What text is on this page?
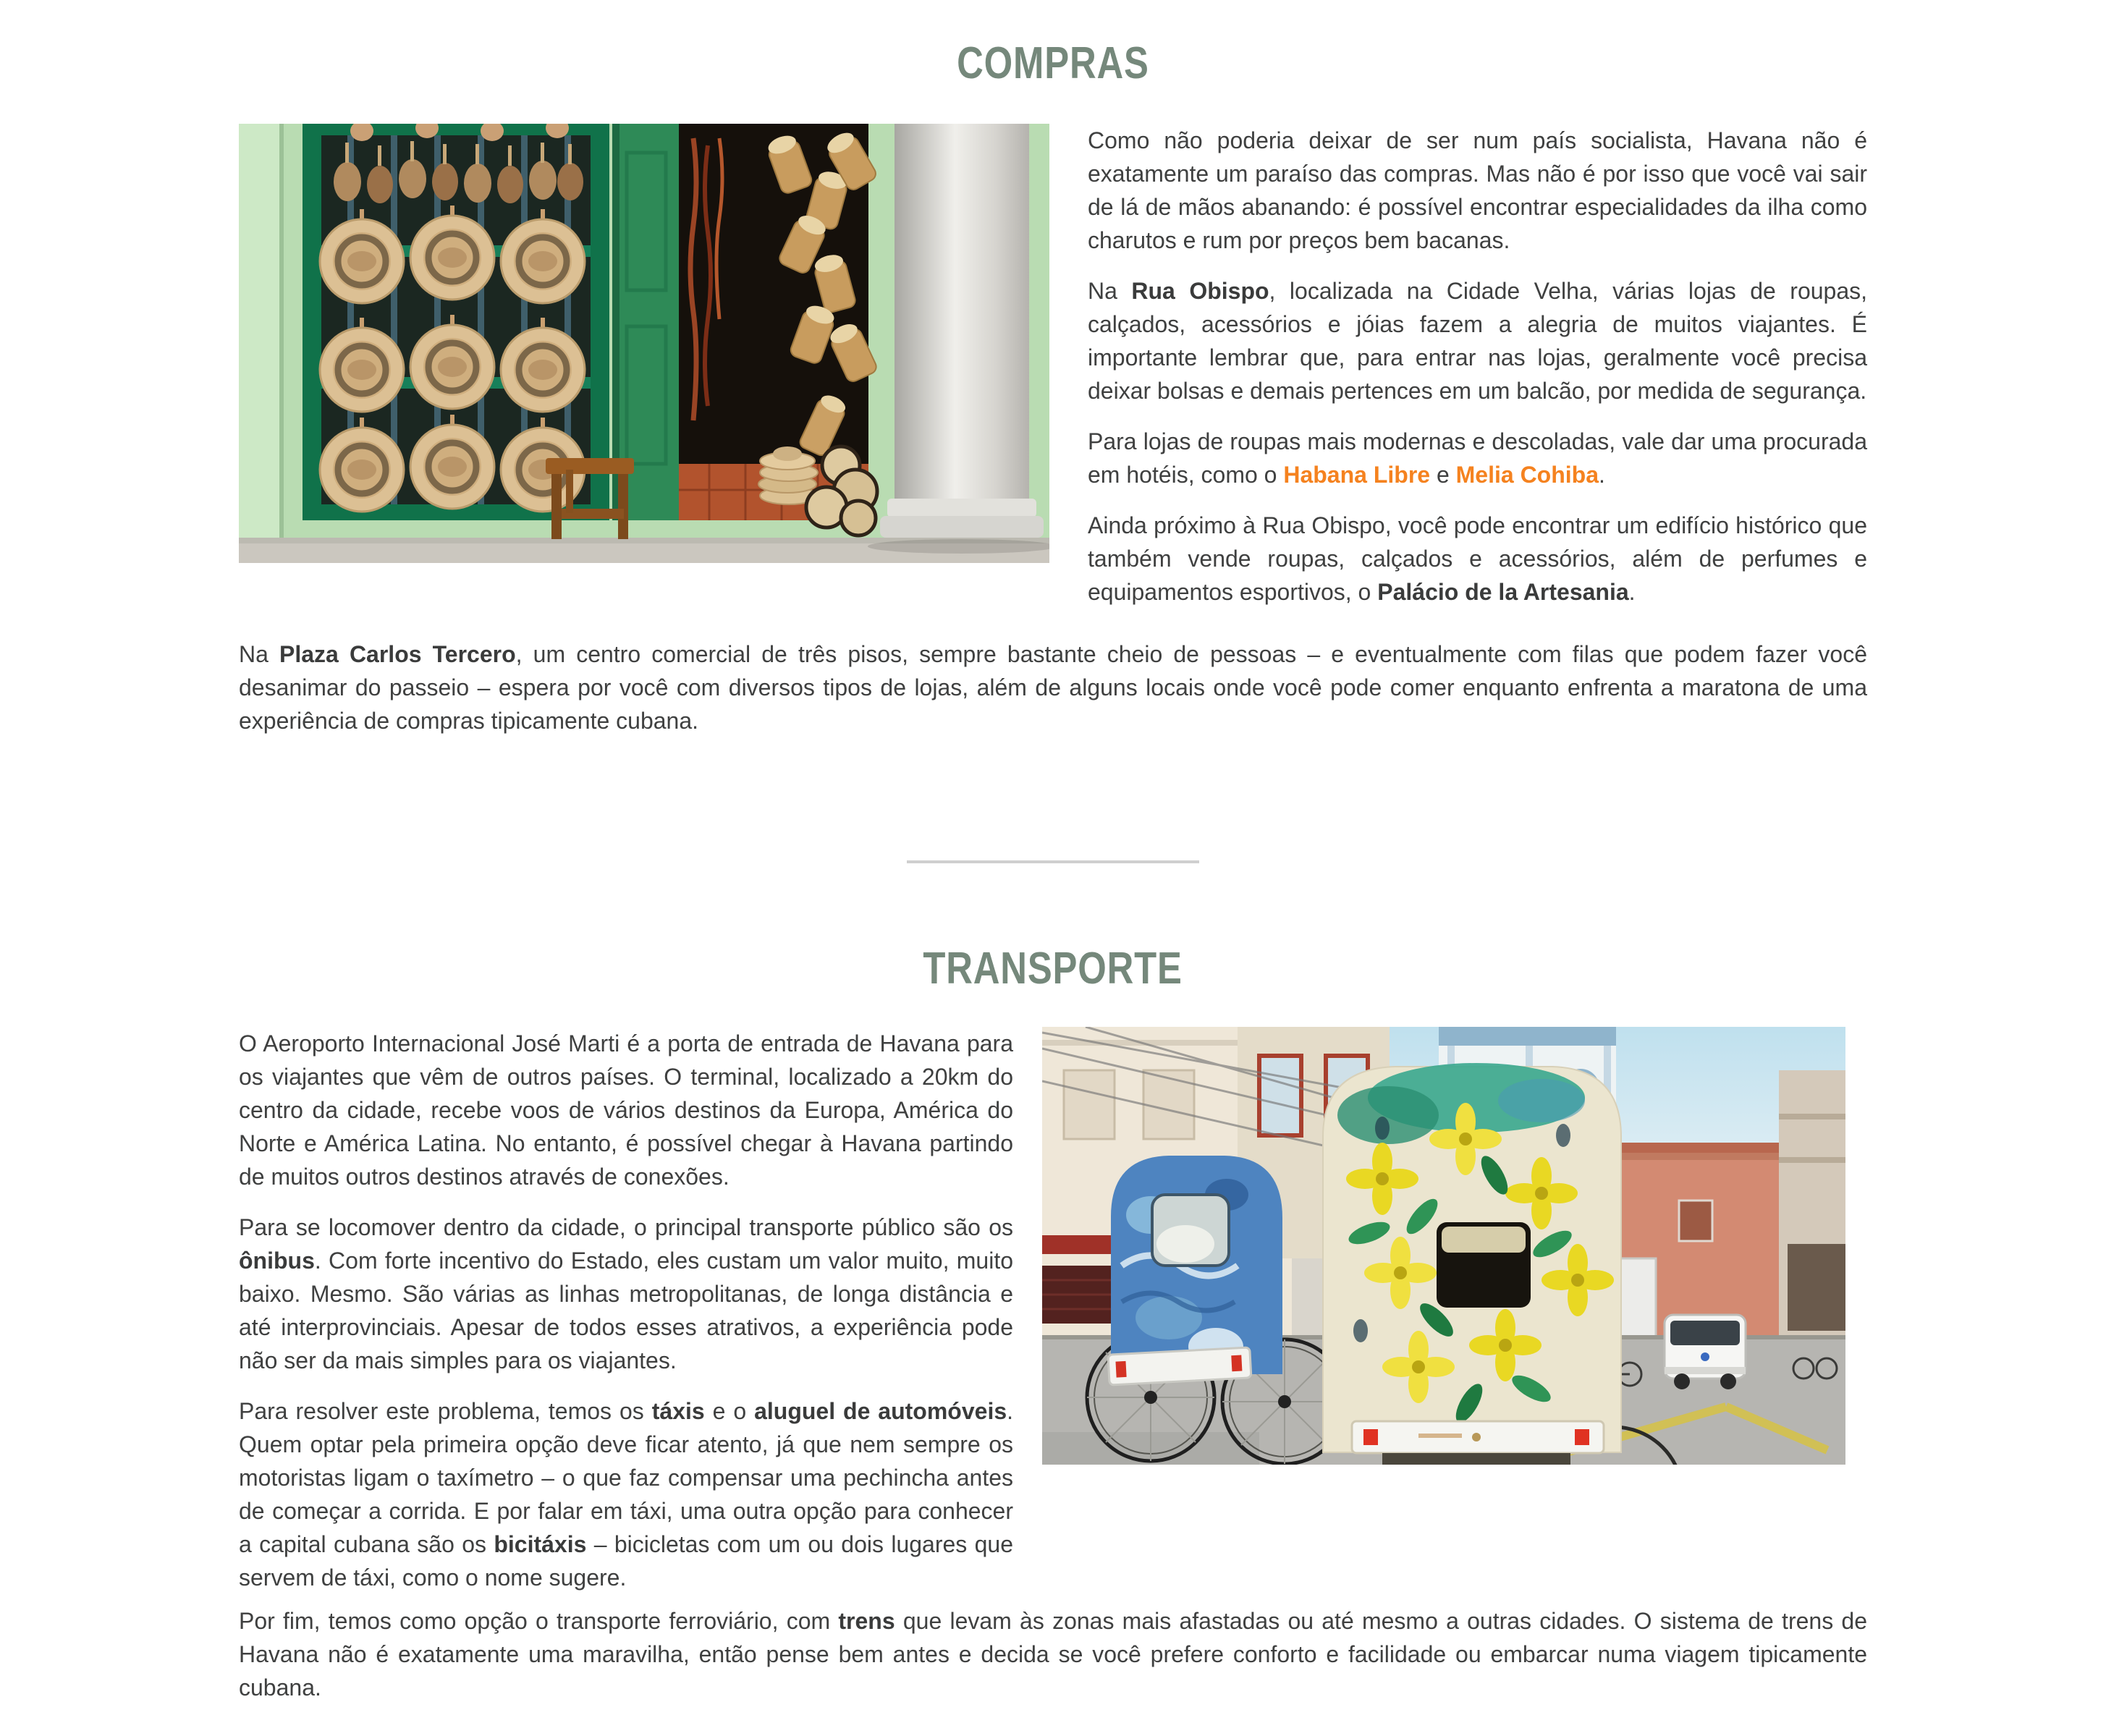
COMPRAS

Como não poderia deixar de ser num país socialista, Havana não é exatamente um paraíso das compras. Mas não é por isso que você vai sair de lá de mãos abanando: é possível encontrar especialidades da ilha como charutos e rum por preços bem bacanas.

Na Rua Obispo, localizada na Cidade Velha, várias lojas de roupas, calçados, acessórios e jóias fazem a alegria de muitos viajantes. É importante lembrar que, para entrar nas lojas, geralmente você precisa deixar bolsas e demais pertences em um balcão, por medida de segurança.

Para lojas de roupas mais modernas e descoladas, vale dar uma procurada em hotéis, como o Habana Libre e Melia Cohiba.

Ainda próximo à Rua Obispo, você pode encontrar um edifício histórico que também vende roupas, calçados e acessórios, além de perfumes e equipamentos esportivos, o Palácio de la Artesania.

Na Plaza Carlos Tercero, um centro comercial de três pisos, sempre bastante cheio de pessoas – e eventualmente com filas que podem fazer você desanimar do passeio – espera por você com diversos tipos de lojas, além de alguns locais onde você pode comer enquanto enfrenta a maratona de uma experiência de compras tipicamente cubana.

TRANSPORTE

O Aeroporto Internacional José Marti é a porta de entrada de Havana para os viajantes que vêm de outros países. O terminal, localizado a 20km do centro da cidade, recebe voos de vários destinos da Europa, América do Norte e América Latina. No entanto, é possível chegar à Havana partindo de muitos outros destinos através de conexões.

Para se locomover dentro da cidade, o principal transporte público são os ônibus. Com forte incentivo do Estado, eles custam um valor muito, muito baixo. Mesmo. São várias as linhas metropolitanas, de longa distância e até interprovinciais. Apesar de todos esses atrativos, a experiência pode não ser da mais simples para os viajantes.

Para resolver este problema, temos os táxis e o aluguel de automóveis. Quem optar pela primeira opção deve ficar atento, já que nem sempre os motoristas ligam o taxímetro – o que faz compensar uma pechincha antes de começar a corrida. E por falar em táxi, uma outra opção para conhecer a capital cubana são os bicitáxis – bicicletas com um ou dois lugares que servem de táxi, como o nome sugere.

Por fim, temos como opção o transporte ferroviário, com trens que levam às zonas mais afastadas ou até mesmo a outras cidades. O sistema de trens de Havana não é exatamente uma maravilha, então pense bem antes e decida se você prefere conforto e facilidade ou embarcar numa viagem tipicamente cubana.
